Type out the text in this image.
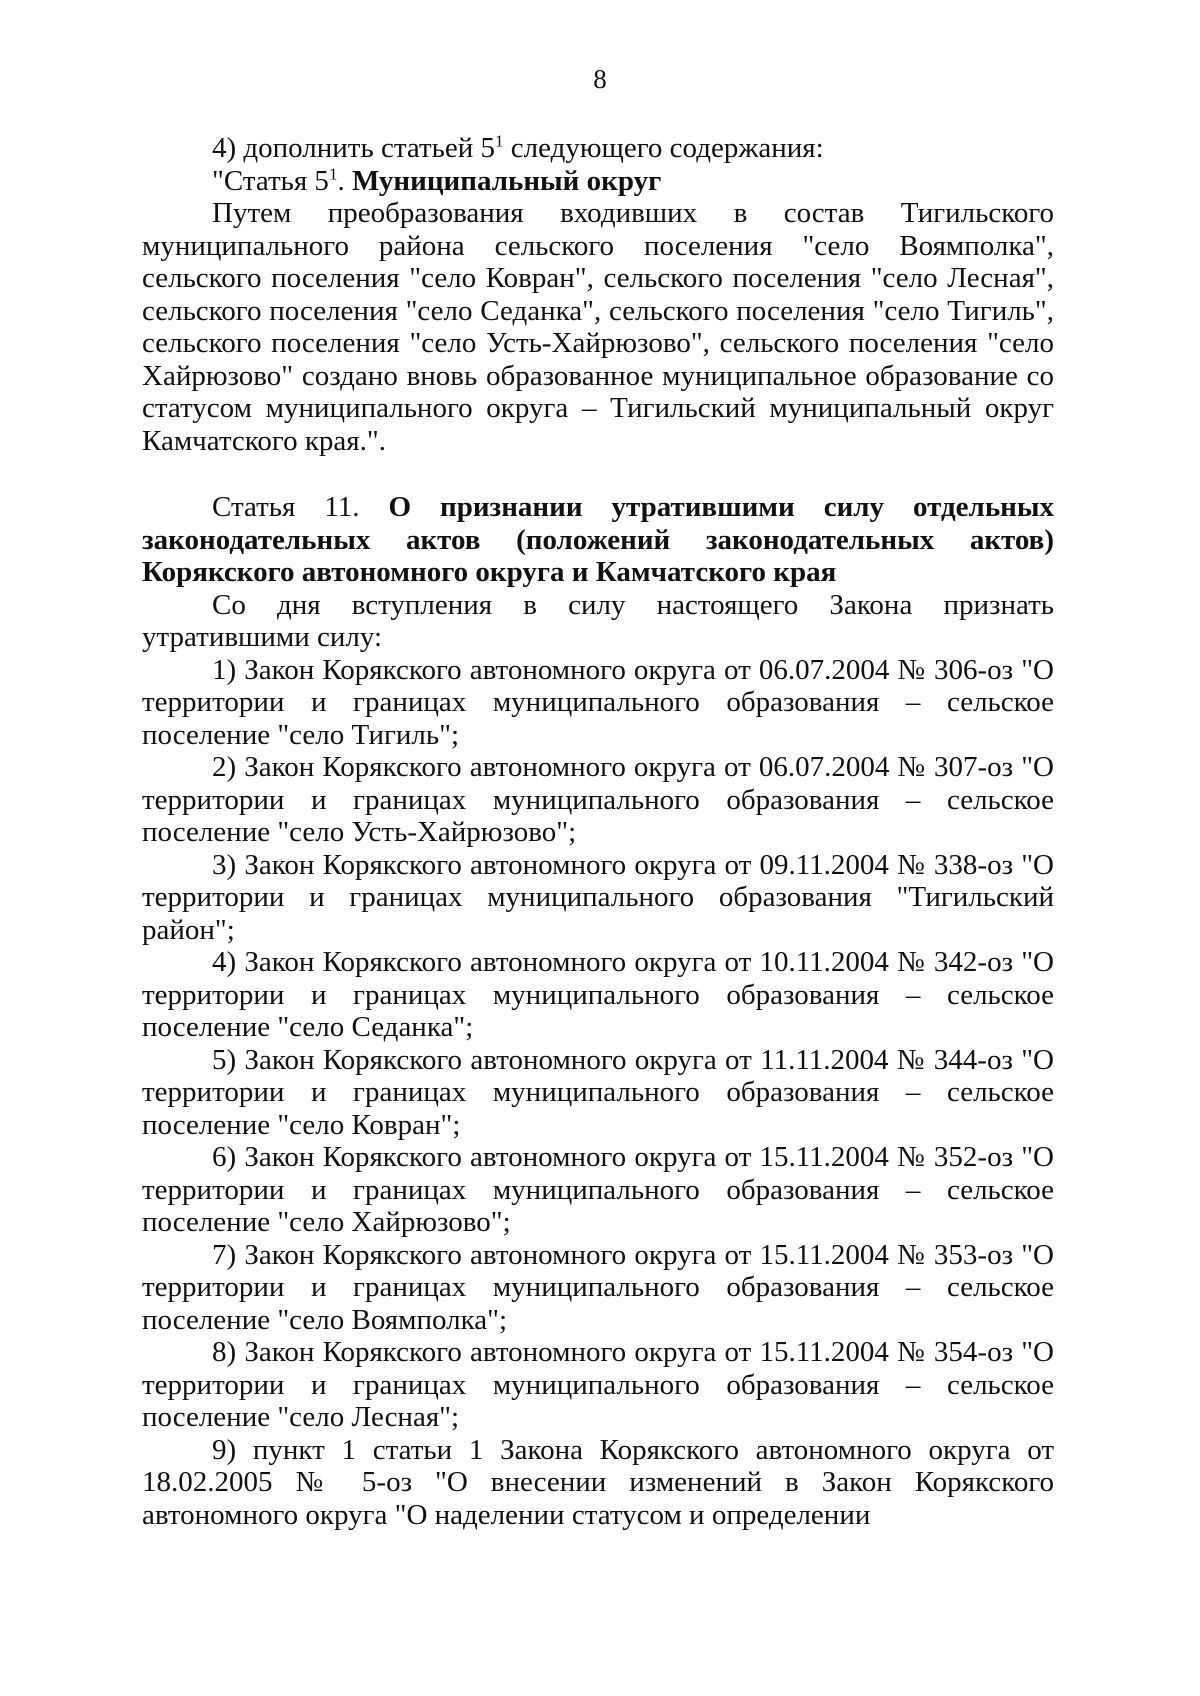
8

4) дополнить статьей $5^1$ следующего содержания:

"Статья $5^1$. Муниципальный округ

Путем преобразования входивших в состав Тигильского муниципального района сельского поселения "село Воямполка", сельского поселения "село Ковран", сельского поселения "село Лесная", сельского поселения "село Седанка", сельского поселения "село Тигиль", сельского поселения "село Усть-Хайрюзово", сельского поселения "село Хайрюзово" создано вновь образованное муниципальное образование со статусом муниципального округа – Тигильский муниципальный округ Камчатского края.".

Статья 11. О признании утратившими силу отдельных законодательных актов (положений законодательных актов) Корякского автономного округа и Камчатского края

Со дня вступления в силу настоящего Закона признать утратившими силу:

1) Закон Корякского автономного округа от 06.07.2004 № 306-оз "О территории и границах муниципального образования – сельское поселение "село Тигиль";

2) Закон Корякского автономного округа от 06.07.2004 № 307-оз "О территории и границах муниципального образования – сельское поселение "село Усть-Хайрюзово";

3) Закон Корякского автономного округа от 09.11.2004 № 338-оз "О территории и границах муниципального образования "Тигильский район";

4) Закон Корякского автономного округа от 10.11.2004 № 342-оз "О территории и границах муниципального образования – сельское поселение "село Седанка";

5) Закон Корякского автономного округа от 11.11.2004 № 344-оз "О территории и границах муниципального образования – сельское поселение "село Ковран";

6) Закон Корякского автономного округа от 15.11.2004 № 352-оз "О территории и границах муниципального образования – сельское поселение "село Хайрюзово";

7) Закон Корякского автономного округа от 15.11.2004 № 353-оз "О территории и границах муниципального образования – сельское поселение "село Воямполка";

8) Закон Корякского автономного округа от 15.11.2004 № 354-оз "О территории и границах муниципального образования – сельское поселение "село Лесная";

9) пункт 1 статьи 1 Закона Корякского автономного округа от 18.02.2005 № 5-оз "О внесении изменений в Закон Корякского автономного округа "О наделении статусом и определении
